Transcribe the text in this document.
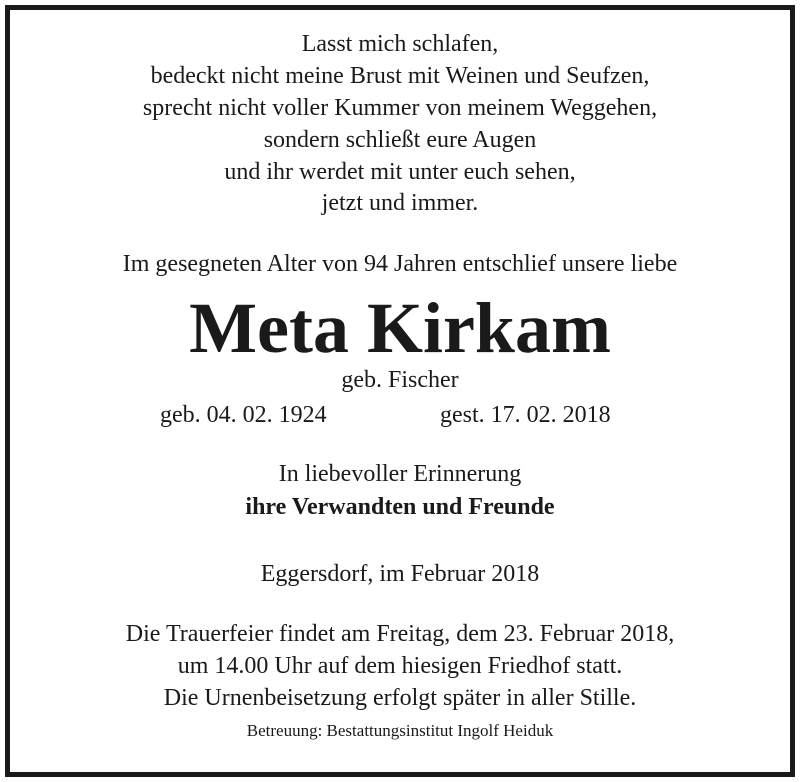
Lasst mich schlafen,
bedeckt nicht meine Brust mit Weinen und Seufzen,
sprecht nicht voller Kummer von meinem Weggehen,
sondern schließt eure Augen
und ihr werdet mit unter euch sehen,
jetzt und immer.
Im gesegneten Alter von 94 Jahren entschlief unsere liebe
Meta Kirkam
geb. Fischer
geb. 04. 02. 1924	gest. 17. 02. 2018
In liebevoller Erinnerung
ihre Verwandten und Freunde
Eggersdorf, im Februar 2018
Die Trauerfeier findet am Freitag, dem 23. Februar 2018,
um 14.00 Uhr auf dem hiesigen Friedhof statt.
Die Urnenbeisetzung erfolgt später in aller Stille.
Betreuung: Bestattungsinstitut Ingolf Heiduk
